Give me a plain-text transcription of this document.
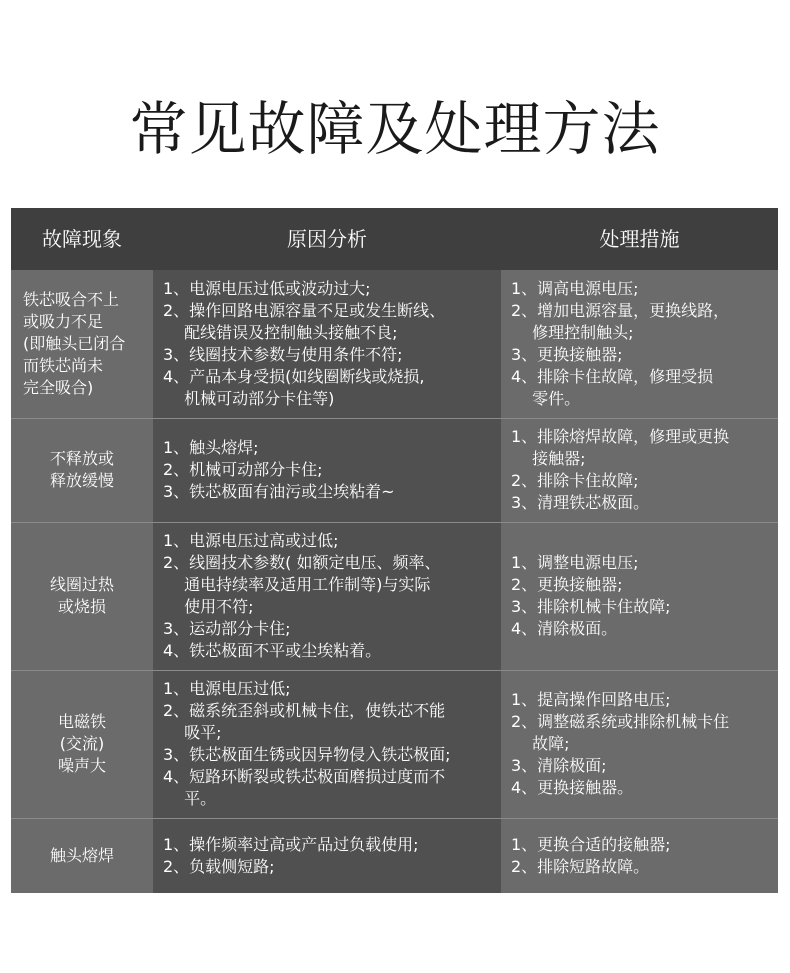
常见故障及处理方法
故障现象	原因分析	处理措施
铁芯吸合不上
或吸力不足
(即触头已闭合
而铁芯尚未
完全吸合)
1、电源电压过低或波动过大;
2、操作回路电源容量不足或发生断线、
　 配线错误及控制触头接触不良;
3、线圈技术参数与使用条件不符;
4、产品本身受损(如线圈断线或烧损,
　 机械可动部分卡住等)
1、调高电源电压;
2、增加电源容量，更换线路，
　 修理控制触头;
3、更换接触器;
4、排除卡住故障，修理受损
　 零件。
不释放或
释放缓慢
1、触头熔焊;
2、机械可动部分卡住;
3、铁芯极面有油污或尘埃粘着~
1、排除熔焊故障，修理或更换
　 接触器;
2、排除卡住故障;
3、清理铁芯极面。
线圈过热
或烧损
1、电源电压过高或过低;
2、线圈技术参数( 如额定电压、频率、
　 通电持续率及适用工作制等)与实际
　 使用不符;
3、运动部分卡住;
4、铁芯极面不平或尘埃粘着。
1、调整电源电压;
2、更换接触器;
3、排除机械卡住故障;
4、清除极面。
电磁铁
(交流)
噪声大
1、电源电压过低;
2、磁系统歪斜或机械卡住，使铁芯不能
　 吸平;
3、铁芯极面生锈或因异物侵入铁芯极面;
4、短路环断裂或铁芯极面磨损过度而不
　 平。
1、提高操作回路电压;
2、调整磁系统或排除机械卡住
　 故障;
3、清除极面;
4、更换接触器。
触头熔焊
1、操作频率过高或产品过负载使用;
2、负载侧短路;
1、更换合适的接触器;
2、排除短路故障。
